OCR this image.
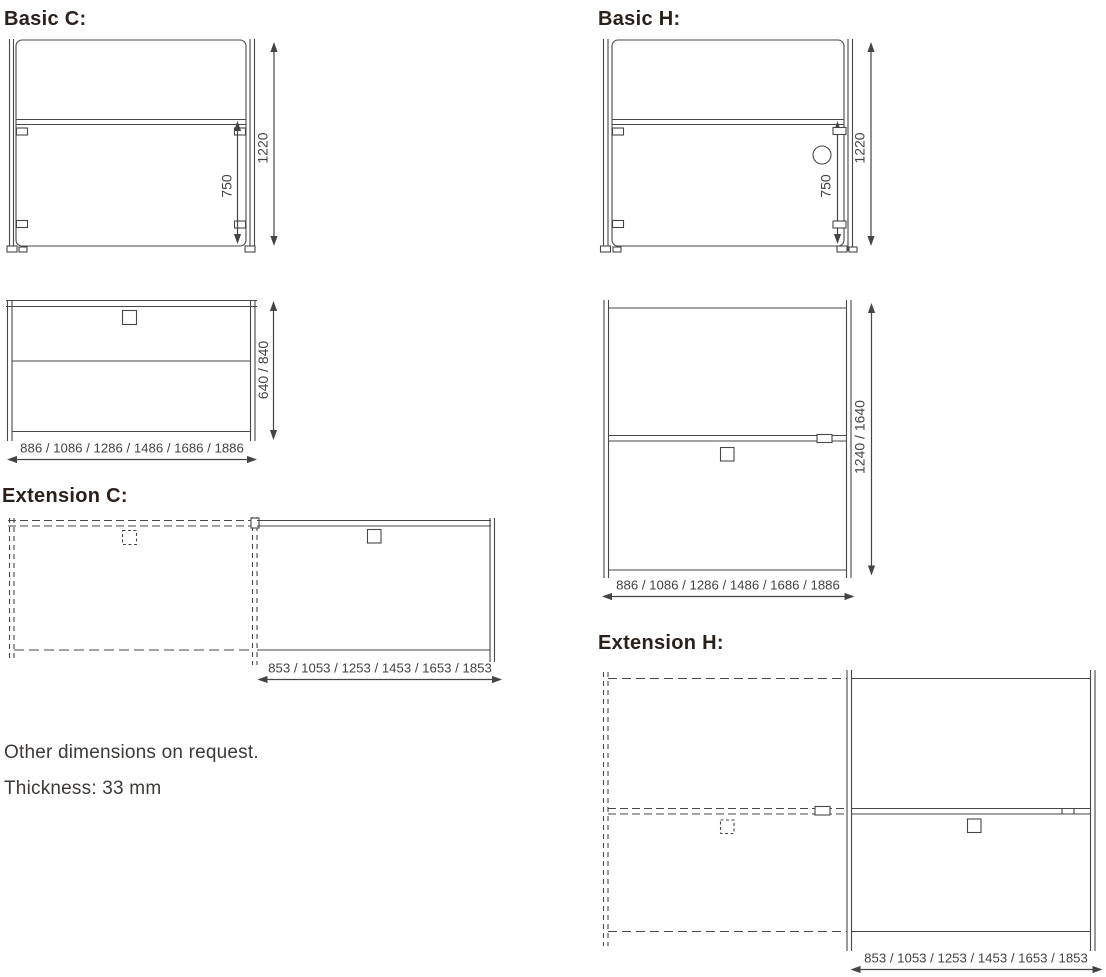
Basic C:	Basic H:
Extension C:
Extension H:
Other dimensions on request.
Thickness: 33 mm
750
1220
640 / 840
886 / 1086 / 1286 / 1486 / 1686 / 1886
853 / 1053 / 1253 / 1453 / 1653 / 1853
750
1220
1240 / 1640
886 / 1086 / 1286 / 1486 / 1686 / 1886
853 / 1053 / 1253 / 1453 / 1653 / 1853
